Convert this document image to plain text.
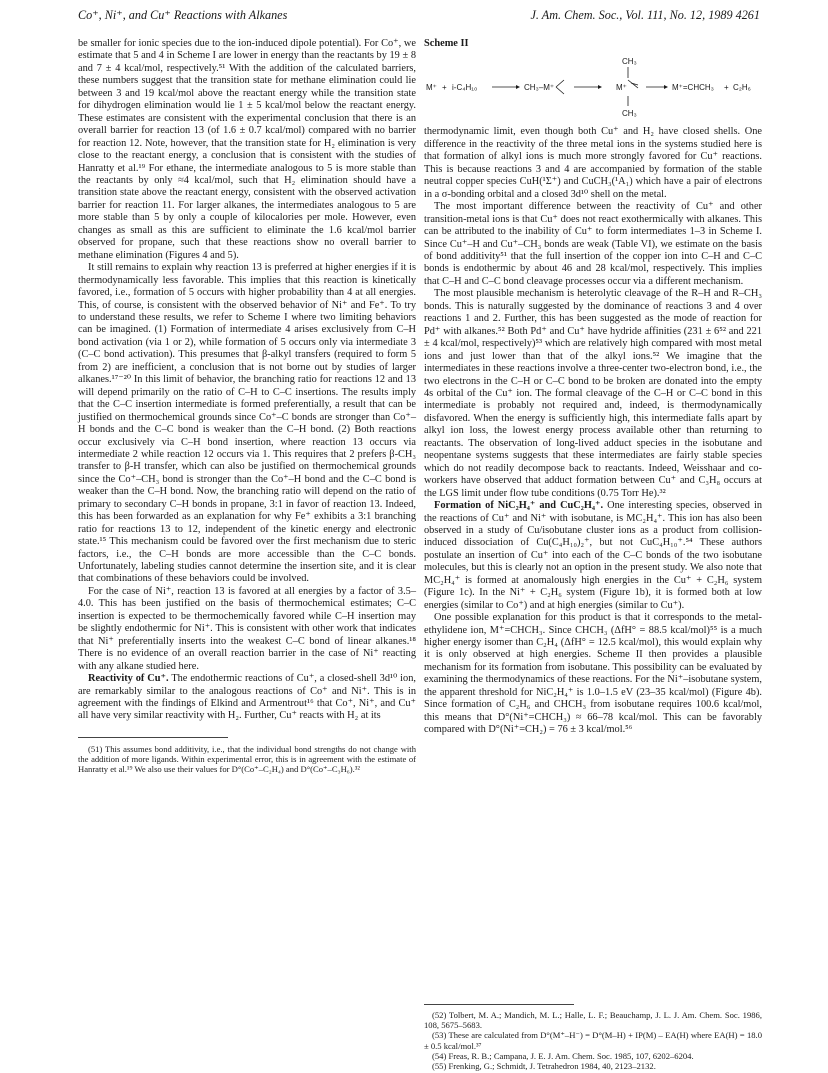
Co⁺, Ni⁺, and Cu⁺ Reactions with Alkanes	J. Am. Chem. Soc., Vol. 111, No. 12, 1989 4261

be smaller for ionic species due to the ion-induced dipole potential). For Co⁺, we estimate that 5 and 4 in Scheme I are lower in energy than the reactants by 19 ± 8 and 7 ± 4 kcal/mol, respectively.⁵¹ With the addition of the calculated barriers, these numbers suggest that the transition state for methane elimination could lie between 3 and 19 kcal/mol above the reactant energy while the transition state for dihydrogen elimination would lie 1 ± 5 kcal/mol below the reactant energy. These estimates are consistent with the experimental conclusion that there is an overall barrier for reaction 13 (of 1.6 ± 0.7 kcal/mol) compared with no barrier for reaction 12. Note, however, that the transition state for H₂ elimination is very close to the reactant energy, a conclusion that is consistent with the studies of Hanratty et al.¹⁹ For ethane, the intermediate analogous to 5 is more stable than the reactants by only ≈4 kcal/mol, such that H₂ elimination should have a transition state above the reactant energy, consistent with the observed activation barrier for reaction 11. For larger alkanes, the intermediates analogous to 5 are more stable than 5 by only a couple of kilocalories per mole. However, even changes as small as this are sufficient to eliminate the 1.6 kcal/mol barrier observed for propane, such that these reactions show no overall barrier to methane elimination (Figures 4 and 5).

It still remains to explain why reaction 13 is preferred at higher energies if it is thermodynamically less favorable. This implies that this reaction is kinetically favored, i.e., formation of 5 occurs with higher probability than 4 at all energies. This, of course, is consistent with the observed behavior of Ni⁺ and Fe⁺. To try to understand these results, we refer to Scheme I where two limiting behaviors can be imagined. (1) Formation of intermediate 4 arises exclusively from C–H bond activation (via 1 or 2), while formation of 5 occurs only via intermediate 3 (C–C bond activation). This presumes that β-alkyl transfers (required to form 5 from 2) are inefficient, a conclusion that is not borne out by studies of larger alkanes.¹⁷⁻²⁰ In this limit of behavior, the branching ratio for reactions 12 and 13 will depend primarily on the ratio of C–H to C–C insertions. The results imply that the C–C insertion intermediate is formed preferentially, a result that can be justified on thermochemical grounds since Co⁺–C bonds are stronger than Co⁺–H bonds and the C–C bond is weaker than the C–H bond. (2) Both reactions occur exclusively via C–H bond insertion, where reaction 13 occurs via intermediate 2 while reaction 12 occurs via 1. This requires that 2 prefers β-CH₃ transfer to β-H transfer, which can also be justified on thermochemical grounds since the Co⁺–CH₃ bond is stronger than the Co⁺–H bond and the C–C bond is weaker than the C–H bond. Now, the branching ratio will depend on the ratio of primary to secondary C–H bonds in propane, 3:1 in favor of reaction 13. Indeed, this has been forwarded as an explanation for why Fe⁺ exhibits a 3:1 branching ratio for reactions 13 to 12, independent of the kinetic energy and electronic state.¹⁵ This mechanism could be favored over the first mechanism due to steric factors, i.e., the C–H bonds are more accessible than the C–C bonds. Unfortunately, labeling studies cannot determine the insertion site, and it is clear that combinations of these behaviors could be involved.

For the case of Ni⁺, reaction 13 is favored at all energies by a factor of 3.5–4.0. This has been justified on the basis of thermochemical estimates; C–C insertion is expected to be thermochemically favored while C–H insertion may be slightly endothermic for Ni⁺. This is consistent with other work that indicates that Ni⁺ preferentially inserts into the weakest C–C bond of linear alkanes.¹⁸ There is no evidence of an overall reaction barrier in the case of Ni⁺ reacting with any alkane studied here.

Reactivity of Cu⁺. The endothermic reactions of Cu⁺, a closed-shell 3d¹⁰ ion, are remarkably similar to the analogous reactions of Co⁺ and Ni⁺. This is in agreement with the findings of Elkind and Armentrout¹⁶ that Co⁺, Ni⁺, and Cu⁺ all have very similar reactivity with H₂. Further, Cu⁺ reacts with H₂ at its

(51) This assumes bond additivity, i.e., that the individual bond strengths do not change with the addition of more ligands. Within experimental error, this is in agreement with the estimate of Hanratty et al.¹⁹ We also use their values for D°(Co⁺–C₂H₄) and D°(Co⁺–C₃H₆).³²

Scheme II

M⁺ + i-C₄H₁₀	CH₃–M⁺
CH₃
M⁺
CH₃
M⁺=CHCH₃ + C₂H₆

thermodynamic limit, even though both Cu⁺ and H₂ have closed shells. One difference in the reactivity of the three metal ions in the systems studied here is that formation of alkyl ions is much more strongly favored for Cu⁺ reactions. This is because reactions 3 and 4 are accompanied by formation of the stable neutral copper species CuH(¹Σ⁺) and CuCH₃(¹A₁) which have a pair of electrons in a σ-bonding orbital and a closed 3d¹⁰ shell on the metal.

The most important difference between the reactivity of Cu⁺ and other transition-metal ions is that Cu⁺ does not react exothermically with alkanes. This can be attributed to the inability of Cu⁺ to form intermediates 1–3 in Scheme I. Since Cu⁺–H and Cu⁺–CH₃ bonds are weak (Table VI), we estimate on the basis of bond additivity⁵¹ that the full insertion of the copper ion into C–H and C–C bonds is endothermic by about 46 and 28 kcal/mol, respectively. This implies that C–H and C–C bond cleavage processes occur via a different mechanism.

The most plausible mechanism is heterolytic cleavage of the R–H and R–CH₃ bonds. This is naturally suggested by the dominance of reactions 3 and 4 over reactions 1 and 2. Further, this has been suggested as the mode of reaction for Pd⁺ with alkanes.⁵² Both Pd⁺ and Cu⁺ have hydride affinities (231 ± 6⁵² and 221 ± 4 kcal/mol, respectively)⁵³ which are relatively high compared with most metal ions and just lower than that of the alkyl ions.⁵² We imagine that the intermediates in these reactions involve a three-center two-electron bond, i.e., the two electrons in the C–H or C–C bond to be broken are donated into the empty 4s orbital of the Cu⁺ ion. The formal cleavage of the C–H or C–C bond in this intermediate is probably not required and, indeed, is thermodynamically disfavored. When the energy is sufficiently high, this intermediate falls apart by alkyl ion loss, the lowest energy process available other than returning to reactants. The observation of long-lived adduct species in the isobutane and neopentane systems suggests that these intermediates are fairly stable species which do not readily decompose back to reactants. Indeed, Weisshaar and co-workers have observed that adduct formation between Cu⁺ and C₃H₈ occurs at the LGS limit under flow tube conditions (0.75 Torr He).³²

Formation of NiC₂H₄⁺ and CuC₂H₄⁺. One interesting species, observed in the reactions of Cu⁺ and Ni⁺ with isobutane, is MC₂H₄⁺. This ion has also been observed in a study of Cu/isobutane cluster ions as a product from collision-induced dissociation of Cu(C₄H₁₀)₂⁺, but not CuC₄H₁₀⁺.⁵⁴ These authors postulate an insertion of Cu⁺ into each of the C–C bonds of the two isobutane molecules, but this is clearly not an option in the present study. We also note that MC₂H₄⁺ is formed at anomalously high energies in the Cu⁺ + C₂H₆ system (Figure 1c). In the Ni⁺ + C₂H₆ system (Figure 1b), it is formed both at low energies (similar to Co⁺) and at high energies (similar to Cu⁺).

One possible explanation for this product is that it corresponds to the metal-ethylidene ion, M⁺=CHCH₃. Since CHCH₃ (ΔfH° = 88.5 kcal/mol)⁵⁵ is a much higher energy isomer than C₂H₄ (ΔfH° = 12.5 kcal/mol), this would explain why it is only observed at high energies. Scheme II then provides a plausible mechanism for its formation from isobutane. This possibility can be evaluated by examining the thermodynamics of these reactions. For the Ni⁺–isobutane system, the apparent threshold for NiC₂H₄⁺ is 1.0–1.5 eV (23–35 kcal/mol) (Figure 4b). Since formation of C₂H₆ and CHCH₃ from isobutane requires 100.6 kcal/mol, this means that D°(Ni⁺=CHCH₃) ≈ 66–78 kcal/mol. This can be favorably compared with D°(Ni⁺=CH₂) = 76 ± 3 kcal/mol.⁵⁶

(52) Tolbert, M. A.; Mandich, M. L.; Halle, L. F.; Beauchamp, J. L. J. Am. Chem. Soc. 1986, 108, 5675–5683.

(53) These are calculated from D°(M⁺–H⁻) = D°(M–H) + IP(M) – EA(H) where EA(H) = 18.0 ± 0.5 kcal/mol.³⁷

(54) Freas, R. B.; Campana, J. E. J. Am. Chem. Soc. 1985, 107, 6202–6204.

(55) Frenking, G.; Schmidt, J. Tetrahedron 1984, 40, 2123–2132.
